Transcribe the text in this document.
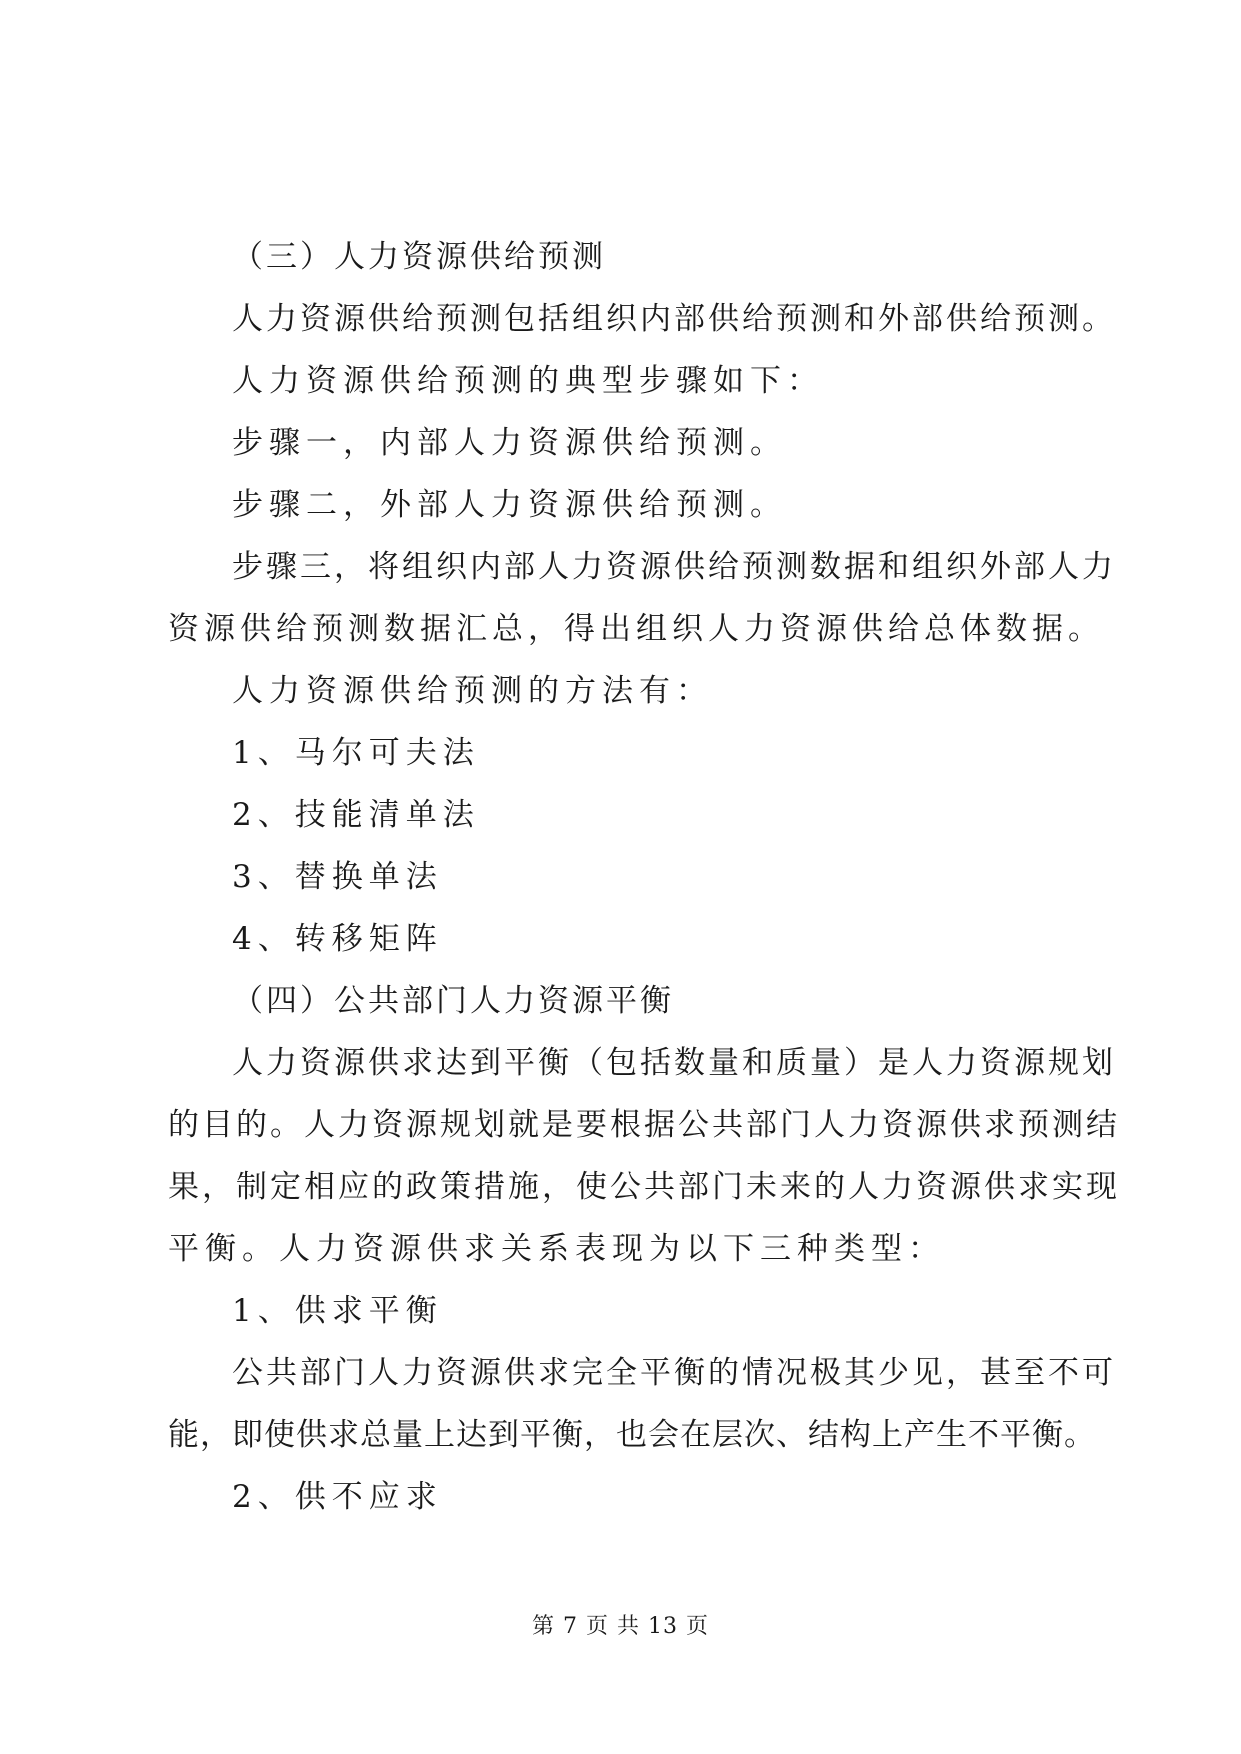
（三）人力资源供给预测
人力资源供给预测包括组织内部供给预测和外部供给预测。
人力资源供给预测的典型步骤如下：
步骤一，内部人力资源供给预测。
步骤二，外部人力资源供给预测。
步骤三，将组织内部人力资源供给预测数据和组织外部人力
资源供给预测数据汇总，得出组织人力资源供给总体数据。
人力资源供给预测的方法有：
1、马尔可夫法
2、技能清单法
3、替换单法
4、转移矩阵
（四）公共部门人力资源平衡
人力资源供求达到平衡（包括数量和质量）是人力资源规划
的目的。人力资源规划就是要根据公共部门人力资源供求预测结
果，制定相应的政策措施，使公共部门未来的人力资源供求实现
平衡。人力资源供求关系表现为以下三种类型：
1、供求平衡
公共部门人力资源供求完全平衡的情况极其少见，甚至不可
能，即使供求总量上达到平衡，也会在层次、结构上产生不平衡。
2、供不应求
第 7 页 共 13 页
